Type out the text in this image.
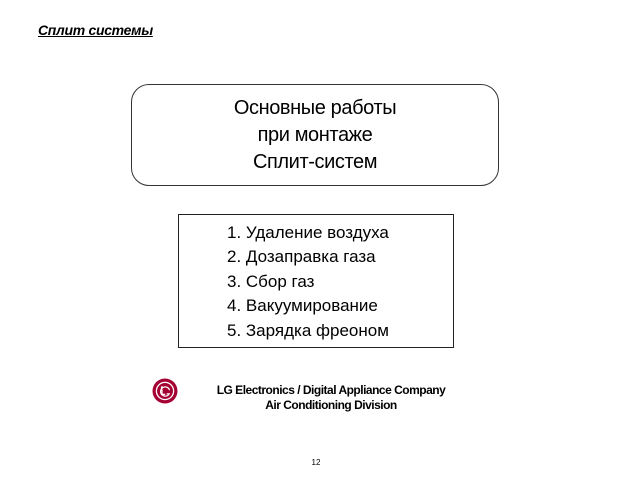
Сплит системы
Основные работы
при монтаже
Сплит-систем
1. Удаление воздуха
2. Дозаправка газа
3. Сбор газ
4. Вакуумирование
5. Зарядка фреоном
LG Electronics / Digital Appliance Company
Air Conditioning Division
12
